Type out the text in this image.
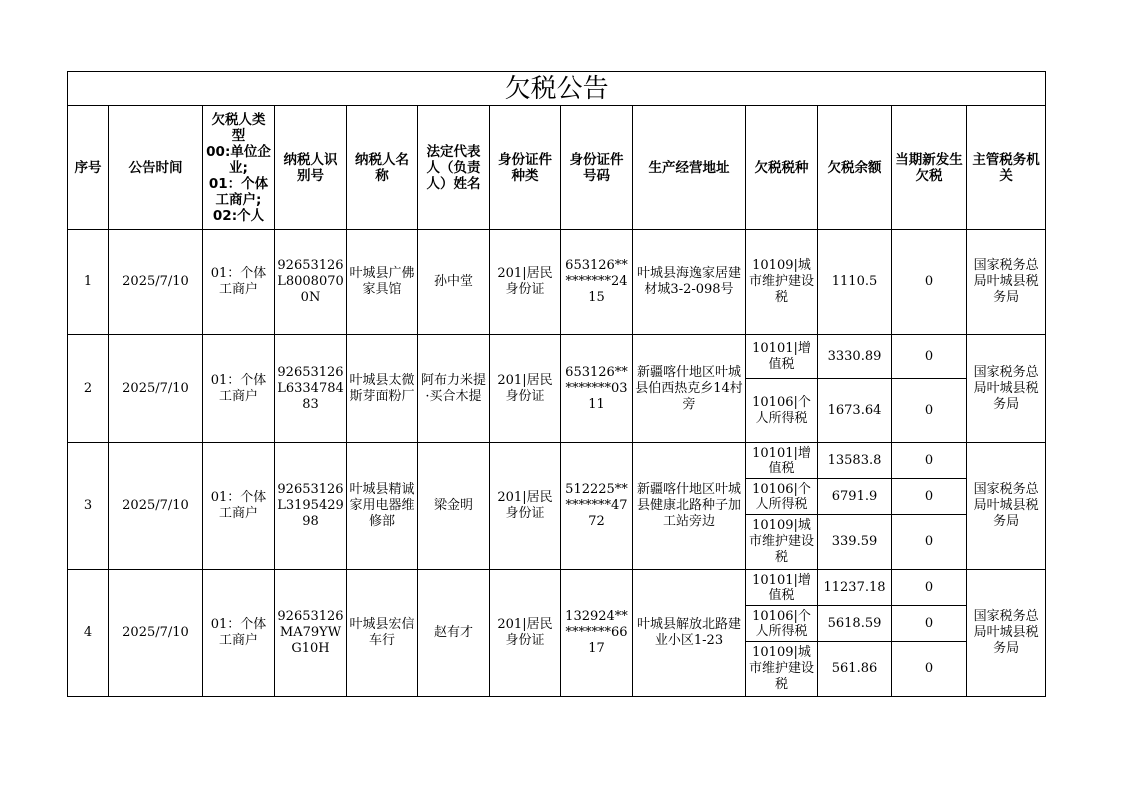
欠税公告												
序号	公告时间	欠税人类型
00:单位企业;
01：个体工商户;
02:个人	纳税人识别号	纳税人名称	法定代表人（负责人）姓名	身份证件种类	身份证件号码	生产经营地址	欠税税种	欠税余额	当期新发生欠税	主管税务机关
1	2025/7/10	01：个体工商户	92653126L80080700N	叶城县广佛家具馆	孙中堂	201|居民身份证	653126*********2415	叶城县海逸家居建材城3-2-098号	10109|城市维护建设税	1110.5	0	国家税务总局叶城县税务局
2	2025/7/10	01：个体工商户	92653126L633478483	叶城县太微斯芽面粉厂	阿布力米提·买合木提	201|居民身份证	653126*********0311	新疆喀什地区叶城县伯西热克乡14村旁	10101|增值税	3330.89	0	国家税务总局叶城县税务局
									10106|个人所得税	1673.64	0	
3	2025/7/10	01：个体工商户	92653126L319542998	叶城县精诚家用电器维修部	梁金明	201|居民身份证	512225*********4772	新疆喀什地区叶城县健康北路种子加工站旁边	10101|增值税	13583.8	0	国家税务总局叶城县税务局
									10106|个人所得税	6791.9	0	
									10109|城市维护建设税	339.59	0	
4	2025/7/10	01：个体工商户	92653126MA79YWG10H	叶城县宏信车行	赵有才	201|居民身份证	132924*********6617	叶城县解放北路建业小区1-23	10101|增值税	11237.18	0	国家税务总局叶城县税务局
									10106|个人所得税	5618.59	0	
									10109|城市维护建设税	561.86	0	
